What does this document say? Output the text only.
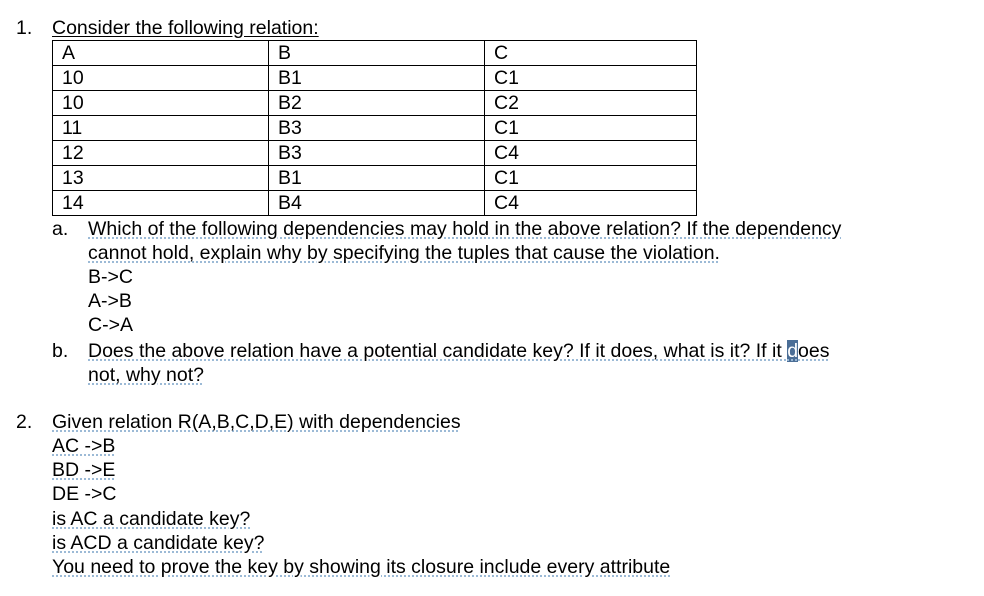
1. Consider the following relation:
A	B	C
10	B1	C1
10	B2	C2
11	B3	C1
12	B3	C4
13	B1	C1
14	B4	C4
a. Which of the following dependencies may hold in the above relation? If the dependency
cannot hold, explain why by specifying the tuples that cause the violation.
B->C
A->B
C->A
b. Does the above relation have a potential candidate key? If it does, what is it? If it does
not, why not?
2. Given relation R(A,B,C,D,E) with dependencies
AC ->B
BD ->E
DE ->C
is AC a candidate key?
is ACD a candidate key?
You need to prove the key by showing its closure include every attribute
